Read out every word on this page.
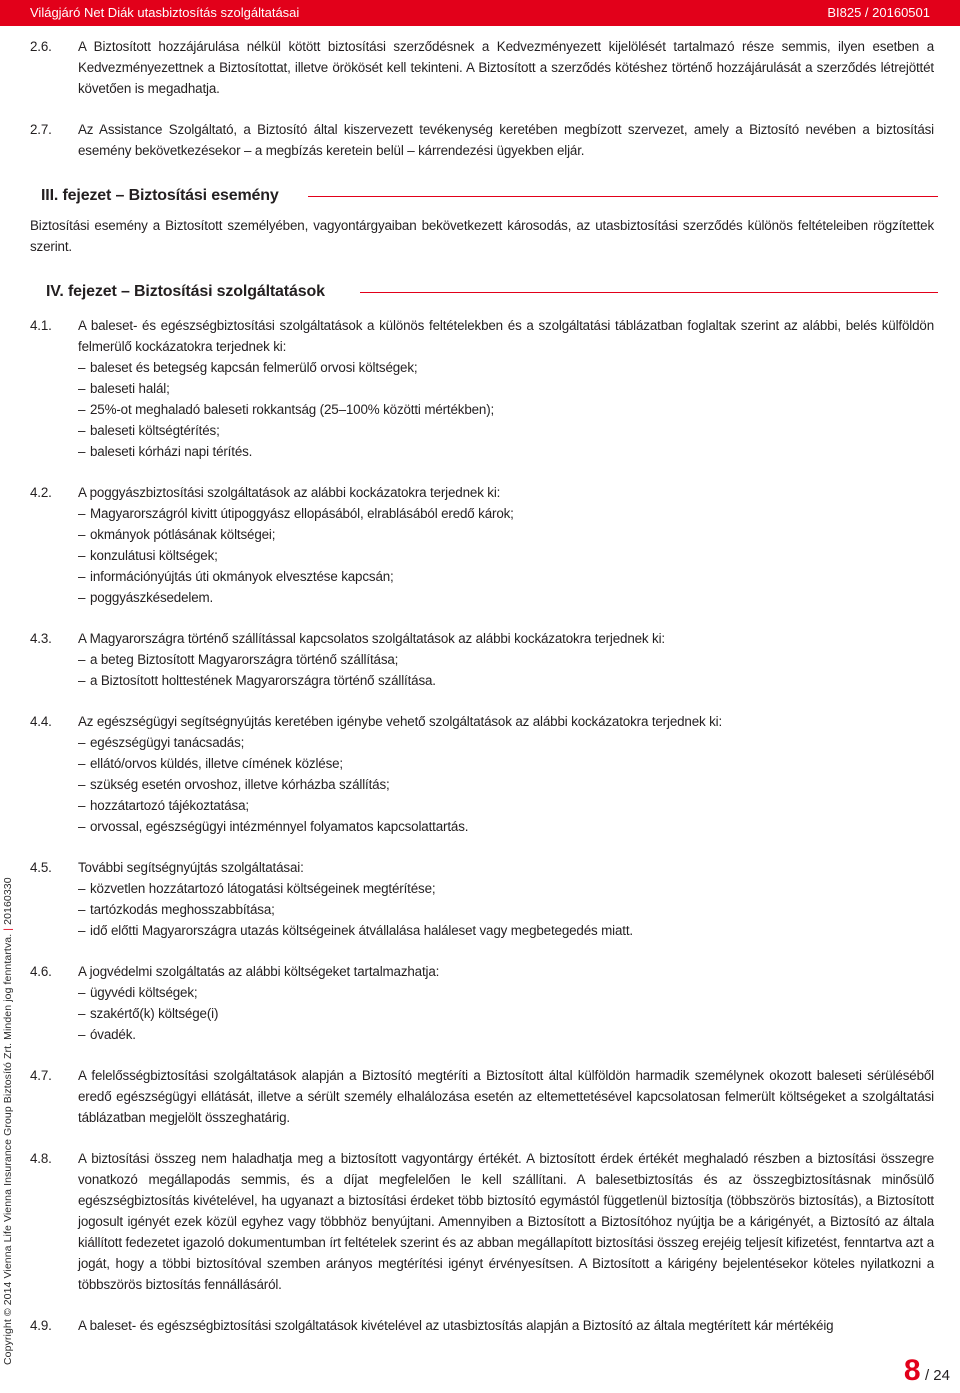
Világjáró Net Diák utasbiztosítás szolgáltatásai	BI825 / 20160501
2.6. A Biztosított hozzájárulása nélkül kötött biztosítási szerződésnek a Kedvezményezett kijelölését tartalmazó része semmis, ilyen esetben a Kedvezményezettnek a Biztosítottat, illetve örökösét kell tekinteni. A Biztosított a szerződés kötéshez történő hozzájárulását a szerződés létrejöttét követően is megadhatja.
2.7. Az Assistance Szolgáltató, a Biztosító által kiszervezett tevékenység keretében megbízott szervezet, amely a Biztosító nevében a biztosítási esemény bekövetkezésekor – a megbízás keretein belül – kárrendezési ügyekben eljár.
III. fejezet – Biztosítási esemény
Biztosítási esemény a Biztosított személyében, vagyontárgyaiban bekövetkezett károsodás, az utasbiztosítási szerződés különös feltételeiben rögzítettek szerint.
IV. fejezet – Biztosítási szolgáltatások
4.1. A baleset- és egészségbiztosítási szolgáltatások a különös feltételekben és a szolgáltatási táblázatban foglaltak szerint az alábbi, belés külföldön felmerülő kockázatokra terjednek ki:
– baleset és betegség kapcsán felmerülő orvosi költségek;
– baleseti halál;
– 25%-ot meghaladó baleseti rokkantság (25–100% közötti mértékben);
– baleseti költségtérítés;
– baleseti kórházi napi térítés.
4.2. A poggyászbiztosítási szolgáltatások az alábbi kockázatokra terjednek ki:
– Magyarországról kivitt útipoggyász ellopásából, elrablásából eredő károk;
– okmányok pótlásának költségei;
– konzulátusi költségek;
– információnyújtás úti okmányok elvesztése kapcsán;
– poggyászkésedelem.
4.3. A Magyarországra történő szállítással kapcsolatos szolgáltatások az alábbi kockázatokra terjednek ki:
– a beteg Biztosított Magyarországra történő szállítása;
– a Biztosított holttestének Magyarországra történő szállítása.
4.4. Az egészségügyi segítségnyújtás keretében igénybe vehető szolgáltatások az alábbi kockázatokra terjednek ki:
– egészségügyi tanácsadás;
– ellátó/orvos küldés, illetve címének közlése;
– szükség esetén orvoshoz, illetve kórházba szállítás;
– hozzátartozó tájékoztatása;
– orvossal, egészségügyi intézménnyel folyamatos kapcsolattartás.
4.5. További segítségnyújtás szolgáltatásai:
– közvetlen hozzátartozó látogatási költségeinek megtérítése;
– tartózkodás meghosszabbítása;
– idő előtti Magyarországra utazás költségeinek átvállalása haláleset vagy megbetegedés miatt.
4.6. A jogvédelmi szolgáltatás az alábbi költségeket tartalmazhatja:
– ügyvédi költségek;
– szakértő(k) költsége(i)
– óvadék.
4.7. A felelősségbiztosítási szolgáltatások alapján a Biztosító megtéríti a Biztosított által külföldön harmadik személynek okozott baleseti sérüléséből eredő egészségügyi ellátását, illetve a sérült személy elhalálozása esetén az eltemettetésével kapcsolatosan felmerült költségeket a szolgáltatási táblázatban megjelölt összeghatárig.
4.8. A biztosítási összeg nem haladhatja meg a biztosított vagyontárgy értékét. A biztosított érdek értékét meghaladó részben a biztosítási összegre vonatkozó megállapodás semmis, és a díjat megfelelően le kell szállítani. A balesetbiztosítás és az összegbiztosításnak minősülő egészségbiztosítás kivételével, ha ugyanazt a biztosítási érdeket több biztosító egymástól függetlenül biztosítja (többszörös biztosítás), a Biztosított jogosult igényét ezek közül egyhez vagy többhöz benyújtani. Amennyiben a Biztosított a Biztosítóhoz nyújtja be a kárigényét, a Biztosító az általa kiállított fedezetet igazoló dokumentumban írt feltételek szerint és az abban megállapított biztosítási összeg erejéig teljesít kifizetést, fenntartva azt a jogát, hogy a többi biztosítóval szemben arányos megtérítési igényt érvényesítsen. A Biztosított a kárigény bejelentésekor köteles nyilatkozni a többszörös biztosítás fennállásáról.
4.9. A baleset- és egészségbiztosítási szolgáltatások kivételével az utasbiztosítás alapján a Biztosító az általa megtérített kár mértékéig
Copyright © 2014 Vienna Life Vienna Insurance Group Biztosító Zrt. Minden jog fenntartva. | 20160330
8 / 24
